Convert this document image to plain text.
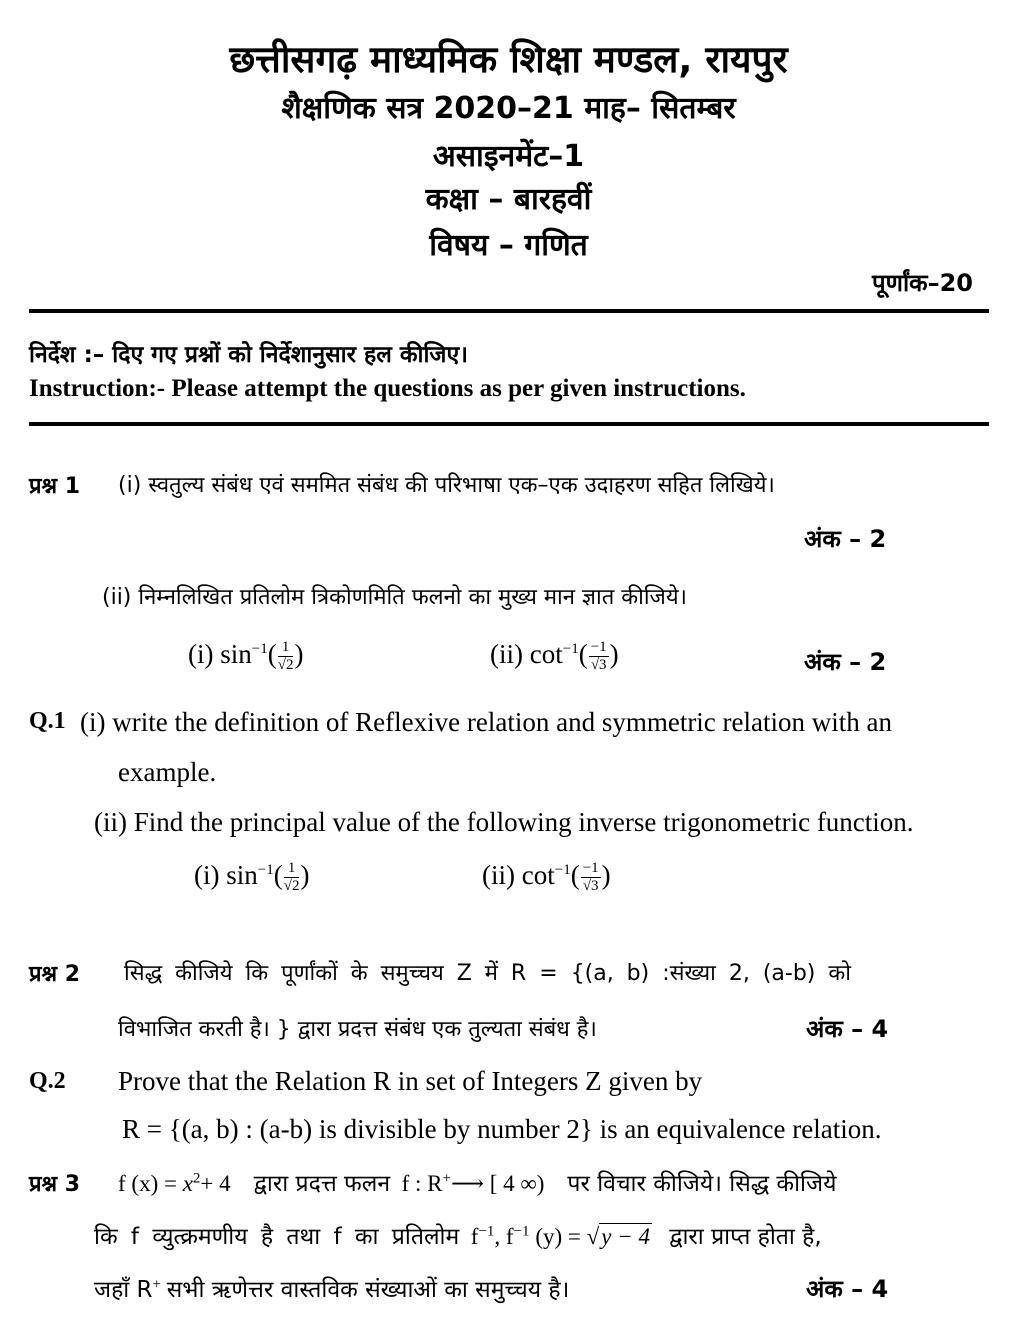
छत्तीसगढ़ माध्यमिक शिक्षा मण्डल, रायपुर
शैक्षणिक सत्र 2020–21 माह– सितम्बर
असाइनमेंट–1
कक्षा – बारहवीं
विषय – गणित
पूर्णांक–20
निर्देश :– दिए गए प्रश्नों को निर्देशानुसार हल कीजिए।
Instruction:- Please attempt the questions as per given instructions.
प्रश्न 1 (i) स्वतुल्य संबंध एवं सममित संबंध की परिभाषा एक–एक उदाहरण सहित लिखिये।
अंक – 2
(ii) निम्नलिखित प्रतिलोम त्रिकोणमिति फलनो का मुख्य मान ज्ञात कीजिये।
(i) $\sin^{-1}( \frac{1}{√2}$ )	(ii) $\cot^{-1}( \frac{-1}{√3}$ )	अंक – 2
Q.1 (i) write the definition of Reflexive relation and symmetric relation with an
example.
(ii) Find the principal value of the following inverse trigonometric function.
(i) $\sin^{-1}( \frac{1}{√2}$ )	(ii) $\cot^{-1}( \frac{-1}{√3}$ )
प्रश्न 2 सिद्ध कीजिये कि पूर्णांकों के समुच्चय Z में R = {(a, b) :संख्या 2, (a-b) को
विभाजित करती है। } द्वारा प्रदत्त संबंध एक तुल्यता संबंध है।	अंक – 4
Q.2 Prove that the Relation R in set of Integers Z given by
R = {(a, b) : (a-b) is divisible by number 2} is an equivalence relation.
प्रश्न 3 f $(x) = x^2+ 4$ द्वारा प्रदत्त फलन f : R+⟶ [ 4 ∞) पर विचार कीजिये। सिद्ध कीजिये
कि f व्युत्क्रमणीय है तथा f का प्रतिलोम $f^{-1}$, $f^{-1}$ (y) = √y − 4 द्वारा प्राप्त होता है,
जहाँ R+ सभी ऋणेत्तर वास्तविक संख्याओं का समुच्चय है।	अंक – 4
